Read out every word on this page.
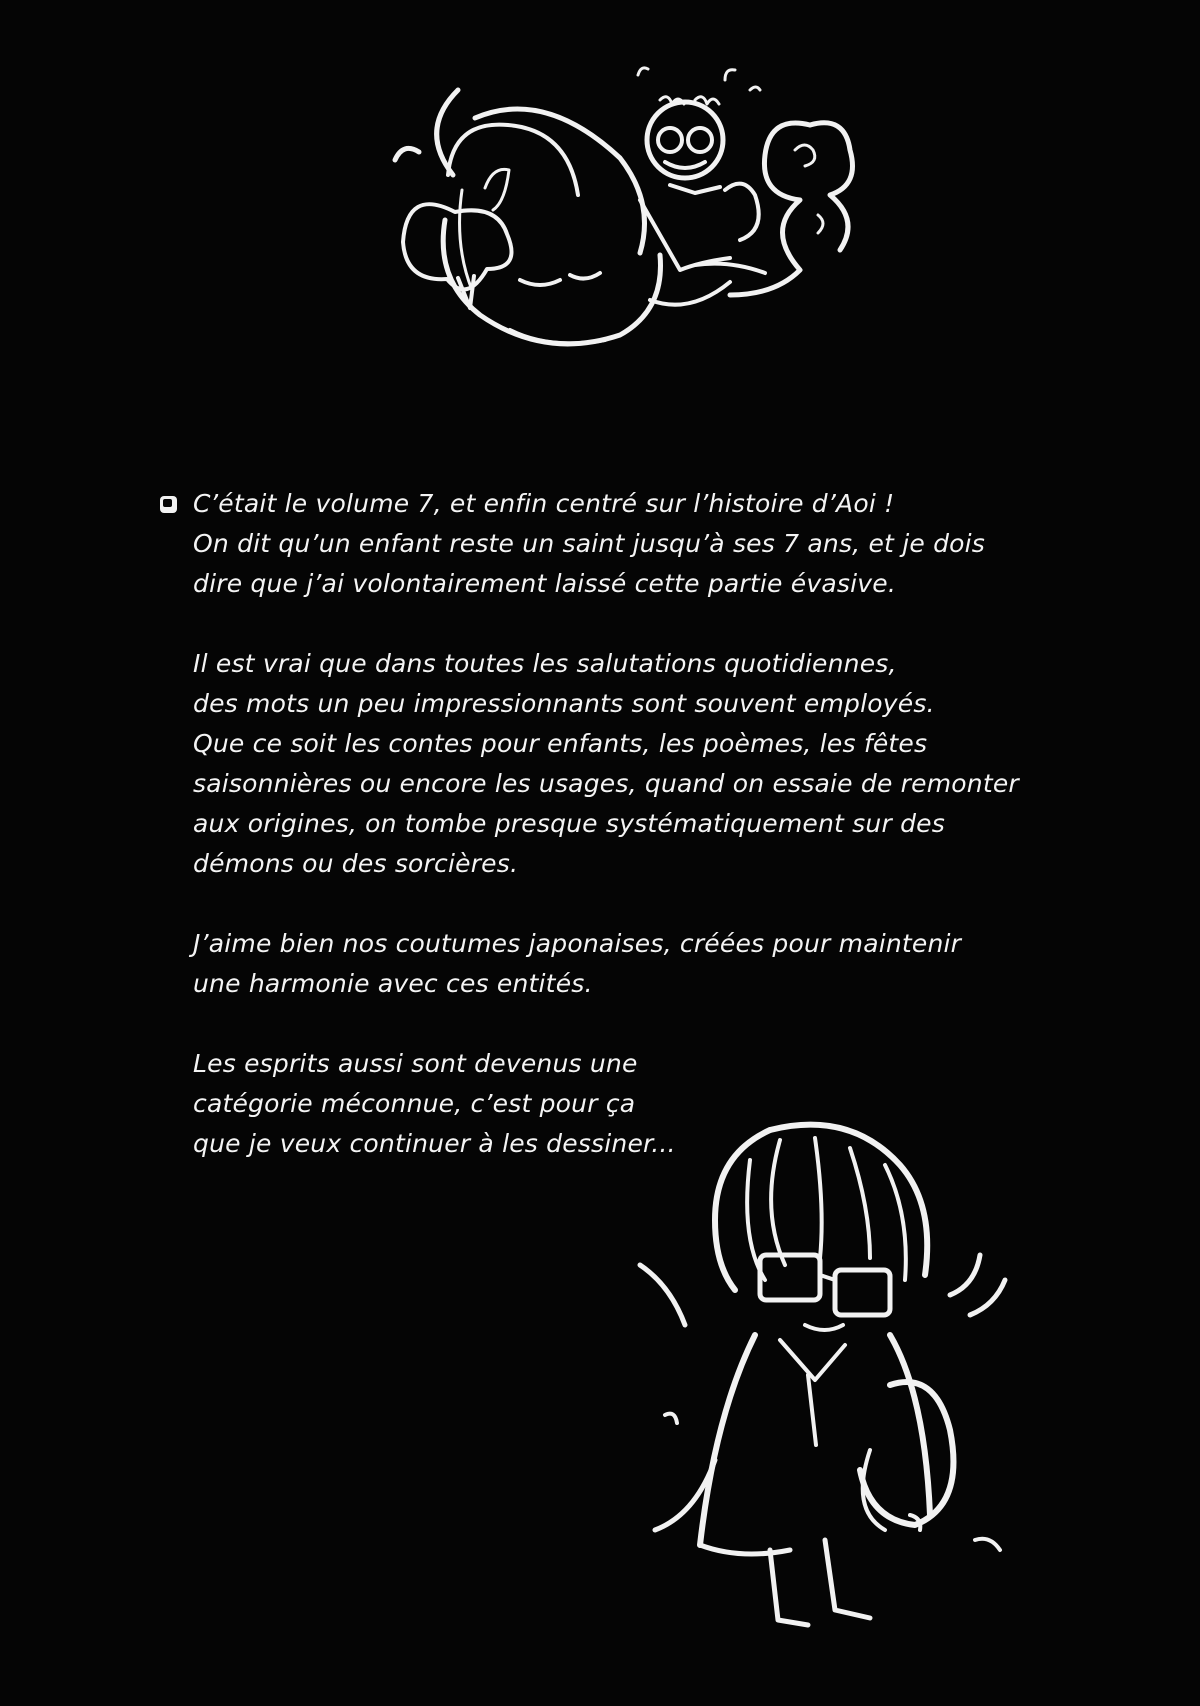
C’était le volume 7, et enfin centré sur l’histoire d’Aoi !
On dit qu’un enfant reste un saint jusqu’à ses 7 ans, et je dois
dire que j’ai volontairement laissé cette partie évasive.
Il est vrai que dans toutes les salutations quotidiennes,
des mots un peu impressionnants sont souvent employés.
Que ce soit les contes pour enfants, les poèmes, les fêtes
saisonnières ou encore les usages, quand on essaie de remonter
aux origines, on tombe presque systématiquement sur des
démons ou des sorcières.
J’aime bien nos coutumes japonaises, créées pour maintenir
une harmonie avec ces entités.
Les esprits aussi sont devenus une
catégorie méconnue, c’est pour ça
que je veux continuer à les dessiner...
